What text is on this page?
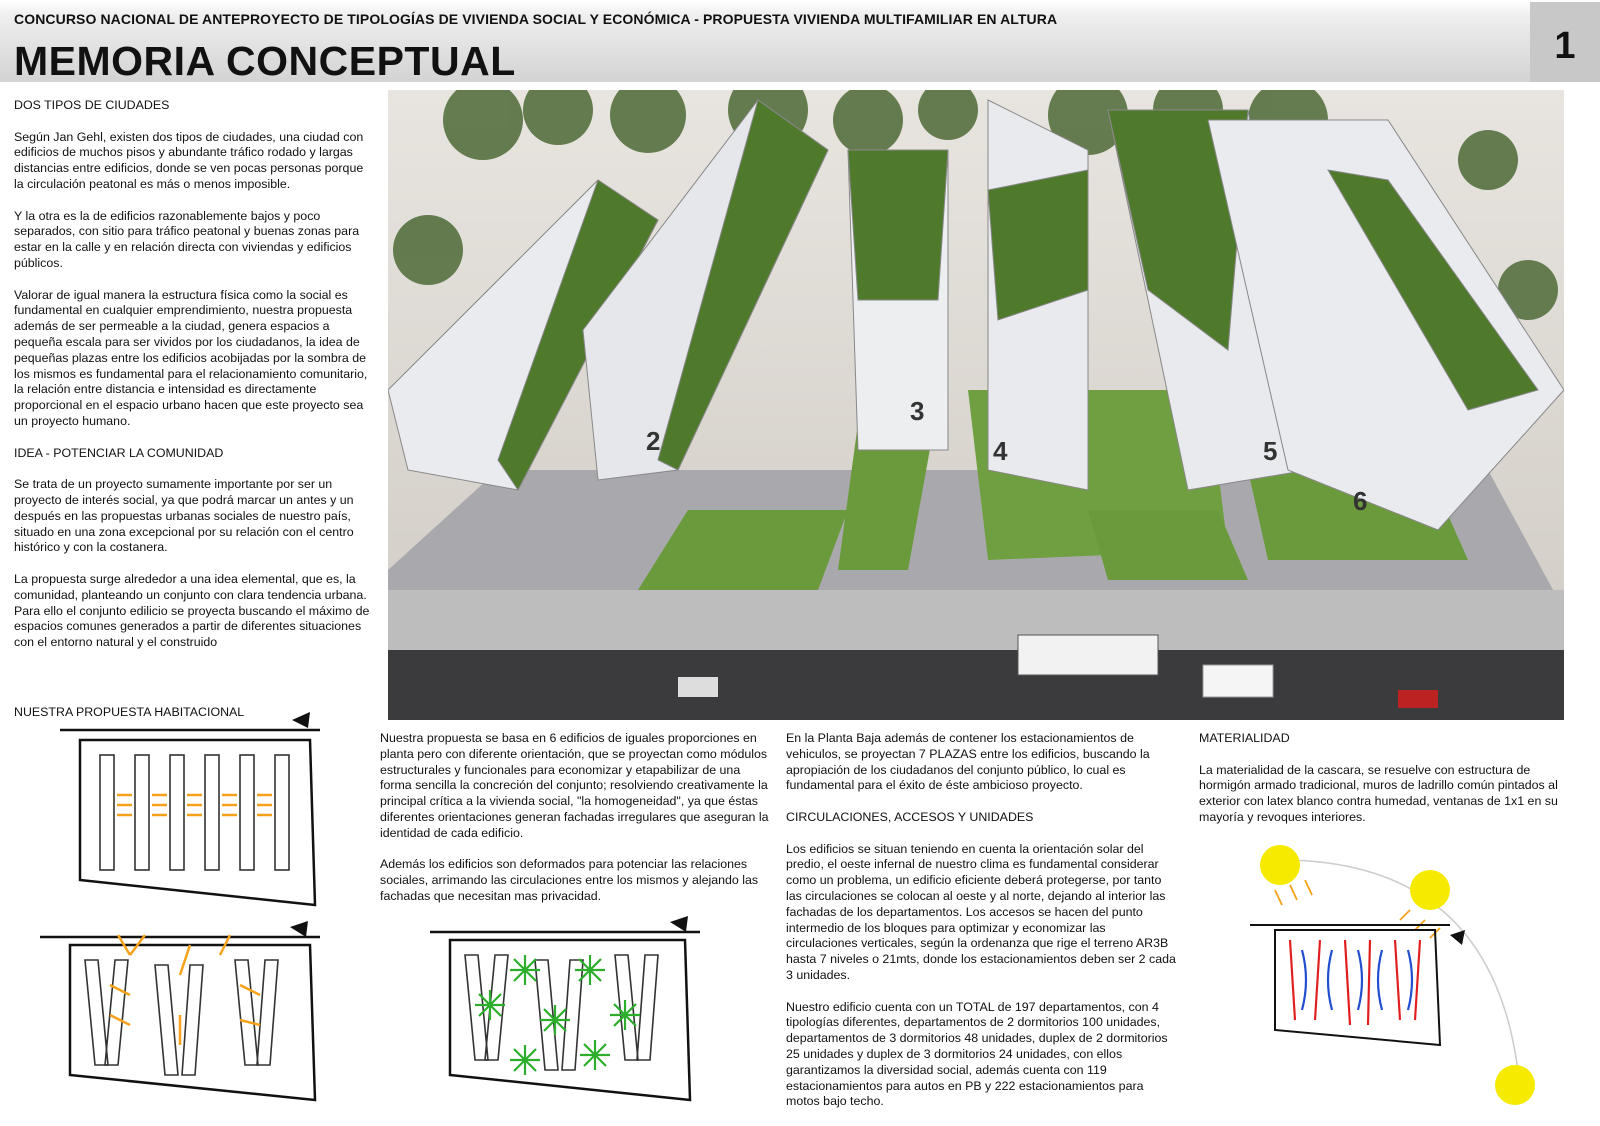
CONCURSO NACIONAL DE ANTEPROYECTO DE TIPOLOGÍAS DE VIVIENDA SOCIAL Y ECONÓMICA - PROPUESTA VIVIENDA MULTIFAMILIAR EN ALTURA
MEMORIA CONCEPTUAL	1

DOS TIPOS DE CIUDADES

Según Jan Gehl, existen dos tipos de ciudades, una ciudad con edificios de muchos pisos y abundante tráfico rodado y largas distancias entre edificios, donde se ven pocas personas porque la circulación peatonal es más o menos imposible.

Y la otra es la de edificios razonablemente bajos y poco separados, con sitio para tráfico peatonal y buenas zonas para estar en la calle y en relación directa con viviendas y edificios públicos.

Valorar de igual manera la estructura física como la social es fundamental en cualquier emprendimiento, nuestra propuesta además de ser permeable a la ciudad, genera espacios a pequeña escala para ser vividos por los ciudadanos, la idea de pequeñas plazas entre los edificios acobijadas por la sombra de los mismos es fundamental para el relacionamiento comunitario, la relación entre distancia e intensidad es directamente proporcional en el espacio urbano hacen que este proyecto sea un proyecto humano.

IDEA - POTENCIAR LA COMUNIDAD

Se trata de un proyecto sumamente importante por ser un proyecto de interés social, ya que podrá marcar un antes y un después en las propuestas urbanas sociales de nuestro país, situado en una zona excepcional por su relación con el centro histórico y con la costanera.

La propuesta surge alrededor a una idea elemental, que es, la comunidad, planteando un conjunto con clara tendencia urbana. Para ello el conjunto edilicio se proyecta buscando el máximo de espacios comunes generados a partir de diferentes situaciones con el entorno natural y el construido

NUESTRA PROPUESTA HABITACIONAL
2
3
4	5
6

Nuestra propuesta se basa en 6 edificios de iguales proporciones en planta pero con diferente orientación, que se proyectan como módulos estructurales y funcionales para economizar y etapabilizar de una forma sencilla la concreción del conjunto; resolviendo creativamente la principal crítica a la vivienda social, "la homogeneidad", ya que éstas diferentes orientaciones generan fachadas irregulares que aseguran la identidad de cada edificio.

Además los edificios son deformados para potenciar las relaciones sociales, arrimando las circulaciones entre los mismos y alejando las fachadas que necesitan mas privacidad.

En la Planta Baja además de contener los estacionamientos de vehiculos, se proyectan 7 PLAZAS entre los edificios, buscando la apropiación de los ciudadanos del conjunto público, lo cual es fundamental para el éxito de éste ambicioso proyecto.

CIRCULACIONES, ACCESOS Y UNIDADES

Los edificios se situan teniendo en cuenta la orientación solar del predio, el oeste infernal de nuestro clima es fundamental considerar como un problema, un edificio eficiente deberá protegerse, por tanto las circulaciones se colocan al oeste y al norte, dejando al interior las fachadas de los departamentos. Los accesos se hacen del punto intermedio de los bloques para optimizar y economizar las circulaciones verticales, según la ordenanza que rige el terreno AR3B hasta 7 niveles o 21mts, donde los estacionamientos deben ser 2 cada 3 unidades.

Nuestro edificio cuenta con un TOTAL de 197 departamentos, con 4 tipologías diferentes, departamentos de 2 dormitorios 100 unidades, departamentos de 3 dormitorios 48 unidades, duplex de 2 dormitorios 25 unidades y duplex de 3 dormitorios 24 unidades, con ellos garantizamos la diversidad social, además cuenta con 119 estacionamientos para autos en PB y 222 estacionamientos para motos bajo techo.

MATERIALIDAD

La materialidad de la cascara, se resuelve con estructura de hormigón armado tradicional, muros de ladrillo común pintados al exterior con latex blanco contra humedad, ventanas de 1x1 en su mayoría y revoques interiores.
